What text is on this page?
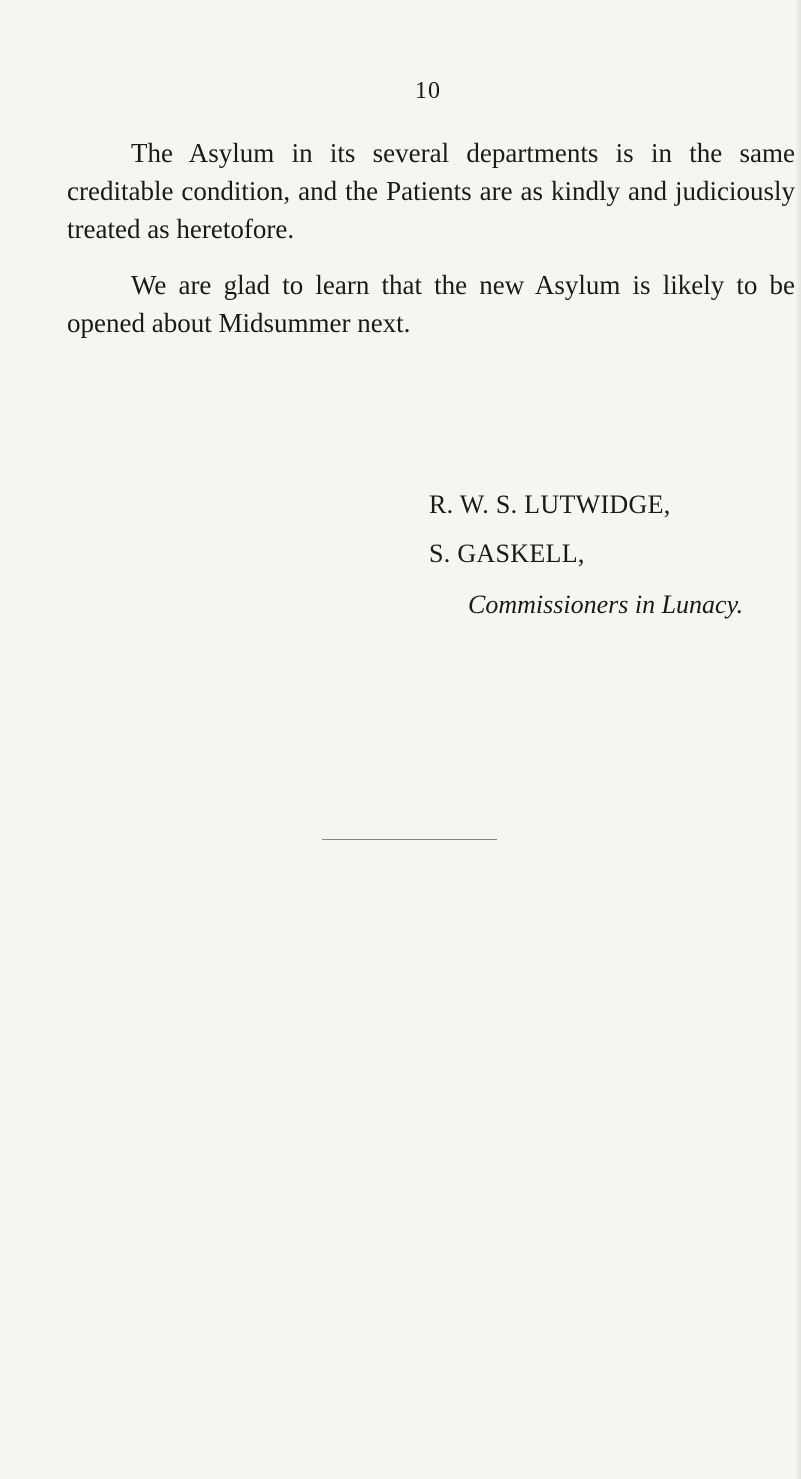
10

The Asylum in its several departments is in the same creditable condition, and the Patients are as kindly and judiciously treated as heretofore.

We are glad to learn that the new Asylum is likely to be opened about Midsummer next.

R. W. S. LUTWIDGE,
S. GASKELL,
Commissioners in Lunacy.
